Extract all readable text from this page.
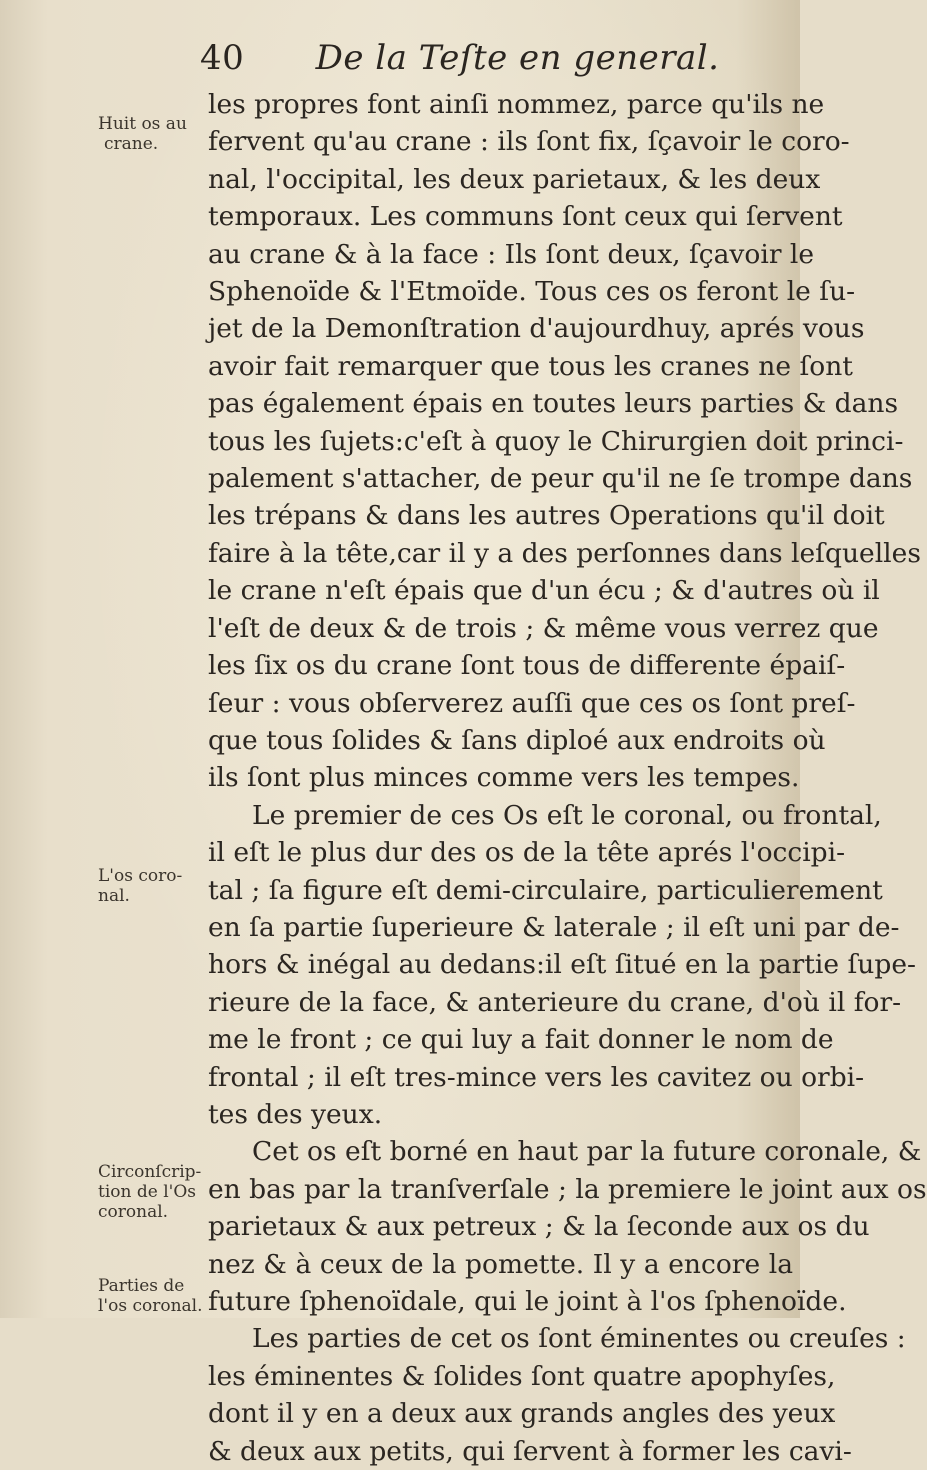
40 De la Teſte en general.
Huit os au
crane.
L'os coro-
nal.
Circonſcrip-
tion de l'Os
coronal.
Parties de
l'os coronal.
les propres font ainſi nommez, parce qu'ils ne
fervent qu'au crane : ils ſont fix, ſçavoir le coro-
nal, l'occipital, les deux parietaux, & les deux
temporaux. Les communs ſont ceux qui ſervent
au crane & à la face : Ils ſont deux, ſçavoir le
Sphenoïde & l'Etmoïde. Tous ces os feront le ſu-
jet de la Demonſtration d'aujourdhuy, aprés vous
avoir fait remarquer que tous les cranes ne ſont
pas également épais en toutes leurs parties & dans
tous les ſujets:c'eſt à quoy le Chirurgien doit princi-
palement s'attacher, de peur qu'il ne ſe trompe dans
les trépans & dans les autres Operations qu'il doit
faire à la tête,car il y a des perſonnes dans leſquelles
le crane n'eſt épais que d'un écu ; & d'autres où il
l'eſt de deux & de trois ; & même vous verrez que
les ſix os du crane ſont tous de differente épaiſ-
ſeur : vous obſerverez auſſi que ces os ſont preſ-
que tous ſolides & ſans diploé aux endroits où
ils ſont plus minces comme vers les tempes.
Le premier de ces Os eſt le coronal, ou frontal,
il eſt le plus dur des os de la tête aprés l'occipi-
tal ; ſa figure eſt demi-circulaire, particulierement
en ſa partie ſuperieure & laterale ; il eſt uni par de-
hors & inégal au dedans:il eſt ſitué en la partie ſupe-
rieure de la face, & anterieure du crane, d'où il for-
me le front ; ce qui luy a fait donner le nom de
frontal ; il eſt tres-mince vers les cavitez ou orbi-
tes des yeux.
Cet os eſt borné en haut par la future coronale, &
en bas par la tranſverſale ; la premiere le joint aux os
parietaux & aux petreux ; & la ſeconde aux os du
nez & à ceux de la pomette. Il y a encore la
future ſphenoïdale, qui le joint à l'os ſphenoïde.
Les parties de cet os ſont éminentes ou creuſes :
les éminentes & ſolides ſont quatre apophyſes,
dont il y en a deux aux grands angles des yeux
& deux aux petits, qui ſervent à former les cavi-
